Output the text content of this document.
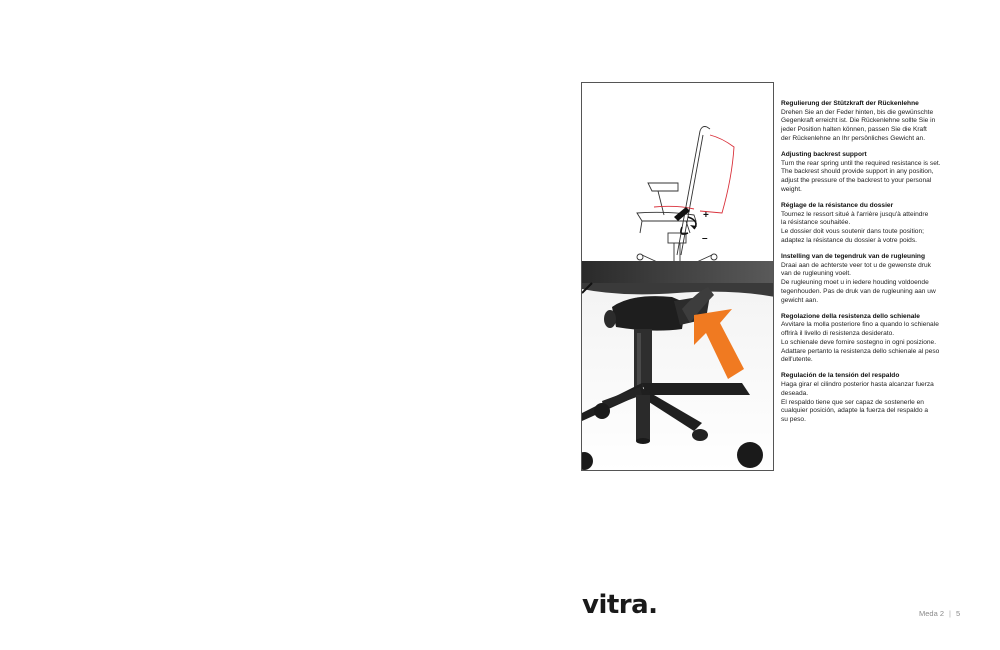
+
–
Regulierung der Stützkraft der Rückenlehne
Drehen Sie an der Feder hinten, bis die gewünschte
Gegenkraft erreicht ist. Die Rückenlehne sollte Sie in
jeder Position halten können, passen Sie die Kraft
der Rückenlehne an Ihr persönliches Gewicht an.
Adjusting backrest support
Turn the rear spring until the required resistance is set.
The backrest should provide support in any position,
adjust the pressure of the backrest to your personal
weight.
Réglage de la résistance du dossier
Tournez le ressort situé à l'arrière jusqu'à atteindre
la résistance souhaitée.
Le dossier doit vous soutenir dans toute position;
adaptez la résistance du dossier à votre poids.
Instelling van de tegendruk van de rugleuning
Draai aan de achterste veer tot u de gewenste druk
van de rugleuning voelt.
De rugleuning moet u in iedere houding voldoende
tegenhouden. Pas de druk van de rugleuning aan uw
gewicht aan.
Regolazione della resistenza dello schienale
Avvitare la molla posteriore fino a quando lo schienale
offrirà il livello di resistenza desiderato.
Lo schienale deve fornire sostegno in ogni posizione.
Adattare pertanto la resistenza dello schienale al peso
dell'utente.
Regulación de la tensión del respaldo
Haga girar el cilindro posterior hasta alcanzar fuerza
deseada.
El respaldo tiene que ser capaz de sostenerle en
cualquier posición, adapte la fuerza del respaldo a
su peso.
vitra.	Meda 2 | 5
